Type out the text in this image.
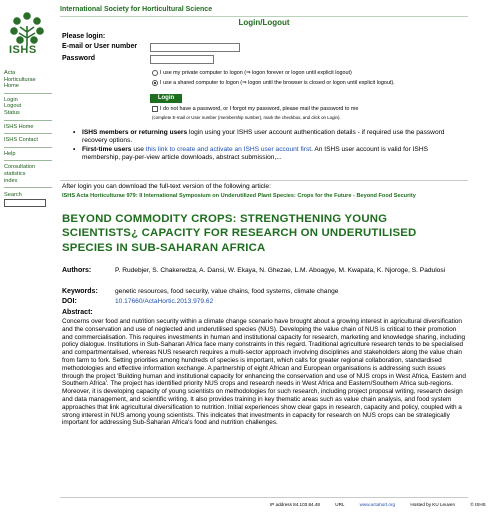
ISHS
Acta
Horticulturae
Home
Login
Logout
Status
ISHS Home
ISHS Contact
Help
Consultation
statistics
index
Search
International Society for Horticultural Science
Login/Logout
Please login:
E-mail or User number
Password
I use my private computer to logon (⇒ logon forever or logon until explicit logout)
I use a shared computer to logon (⇒ logon until the browser is closed or logon until explicit logout).
Login
I do not have a password, or I forgot my password, please mail the password to me
(complete E-mail or User number (membership number), mark the checkbox, and click on Login).
• ISHS members or returning users login using your ISHS user account authentication details - if required use the password recovery options.
• First-time users use this link to create and activate an ISHS user account first. An ISHS user account is valid for ISHS membership, pay-per-view article downloads, abstract submission,...
After login you can download the full-text version of the following article:
ISHS Acta Horticulturae 979: II International Symposium on Underutilized Plant Species: Crops for the Future - Beyond Food Security
BEYOND COMMODITY CROPS: STRENGTHENING YOUNG SCIENTISTS¿ CAPACITY FOR RESEARCH ON UNDERUTILISED SPECIES IN SUB-SAHARAN AFRICA
Authors:	P. Rudebjer, S. Chakeredza, A. Dansi, W. Ekaya, N. Ghezae, L.M. Aboagye, M. Kwapata, K. Njoroge, S. Padulosi
Keywords:	genetic resources, food security, value chains, food systems, climate change
DOI:	10.17660/ActaHortic.2013.979.62
Abstract:
Concerns over food and nutrition security within a climate change scenario have brought about a growing interest in agricultural diversification and the conservation and use of neglected and underutilised species (NUS). Developing the value chain of NUS is critical to their promotion and commercialisation. This requires investments in human and institutional capacity for research, marketing and knowledge sharing, including policy dialogue. Institutions in Sub-Saharan Africa face many constraints in this regard. Traditional agriculture research tends to be specialised and compartmentalised, whereas NUS research requires a multi-sector approach involving disciplines and stakeholders along the value chain from farm to fork. Setting priorities among hundreds of species is important, which calls for greater regional collaboration, standardised methodologies and effective information exchange. A partnership of eight African and European organisations is addressing such issues through the project 'Building human and institutional capacity for enhancing the conservation and use of NUS crops in West Africa, Eastern and Southern Africa'. The project has identified priority NUS crops and research needs in West Africa and Eastern/Southern Africa sub-regions. Moreover, it is developing capacity of young scientists on methodologies for such research, including project proposal writing, research design and data management, and scientific writing. It also provides training in key thematic areas such as value chain analysis, and food system approaches that link agricultural diversification to nutrition. Initial experiences show clear gaps in research, capacity and policy, coupled with a strong interest in NUS among young scientists. This indicates that investments in capacity for research on NUS crops can be strategically important for addressing Sub-Saharan Africa's food and nutrition challenges.
IP address 84.103.84.48	URL	www.actahort.org	Hosted by KU Leuven	© ISHS
